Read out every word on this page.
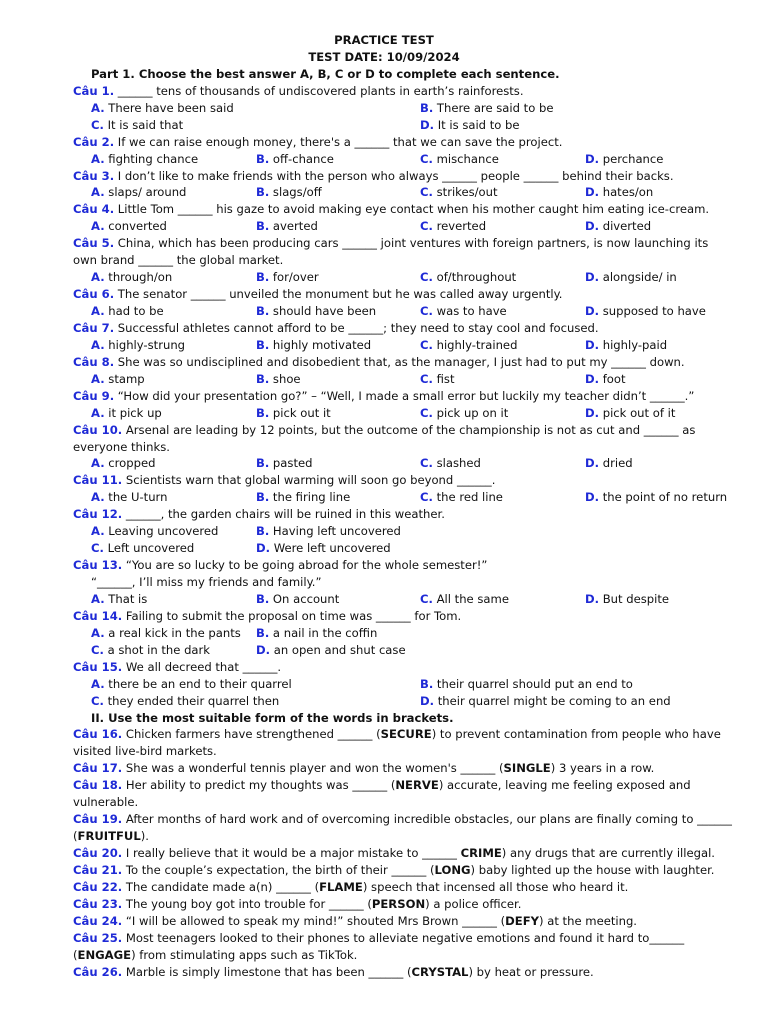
PRACTICE TEST
TEST DATE: 10/09/2024
Part 1. Choose the best answer A, B, C or D to complete each sentence.
Câu 1. ______ tens of thousands of undiscovered plants in earth’s rainforests.
A. There have been said	B. There are said to be
C. It is said that	D. It is said to be
Câu 2. If we can raise enough money, there's a ______ that we can save the project.
A. fighting chance	B. off-chance	C. mischance	D. perchance
Câu 3. I don’t like to make friends with the person who always ______ people ______ behind their backs.
A. slaps/ around	B. slags/off	C. strikes/out	D. hates/on
Câu 4. Little Tom ______ his gaze to avoid making eye contact when his mother caught him eating ice-cream.
A. converted	B. averted	C. reverted	D. diverted
Câu 5. China, which has been producing cars ______ joint ventures with foreign partners, is now launching its
own brand ______ the global market.
A. through/on	B. for/over	C. of/throughout	D. alongside/ in
Câu 6. The senator ______ unveiled the monument but he was called away urgently.
A. had to be	B. should have been	C. was to have	D. supposed to have
Câu 7. Successful athletes cannot afford to be ______; they need to stay cool and focused.
A. highly-strung	B. highly motivated	C. highly-trained	D. highly-paid
Câu 8. She was so undisciplined and disobedient that, as the manager, I just had to put my ______ down.
A. stamp	B. shoe	C. fist	D. foot
Câu 9. “How did your presentation go?” – “Well, I made a small error but luckily my teacher didn’t ______.”
A. it pick up	B. pick out it	C. pick up on it	D. pick out of it
Câu 10. Arsenal are leading by 12 points, but the outcome of the championship is not as cut and ______ as
everyone thinks.
A. cropped	B. pasted	C. slashed	D. dried
Câu 11. Scientists warn that global warming will soon go beyond ______.
A. the U-turn	B. the firing line	C. the red line	D. the point of no return
Câu 12. ______, the garden chairs will be ruined in this weather.
A. Leaving uncovered	B. Having left uncovered
C. Left uncovered	D. Were left uncovered
Câu 13. “You are so lucky to be going abroad for the whole semester!”
“______, I’ll miss my friends and family.”
A. That is	B. On account	C. All the same	D. But despite
Câu 14. Failing to submit the proposal on time was ______ for Tom.
A. a real kick in the pants B. a nail in the coffin
C. a shot in the dark	D. an open and shut case
Câu 15. We all decreed that ______.
A. there be an end to their quarrel	B. their quarrel should put an end to
C. they ended their quarrel then	D. their quarrel might be coming to an end
II. Use the most suitable form of the words in brackets.
Câu 16. Chicken farmers have strengthened ______ (SECURE) to prevent contamination from people who have
visited live-bird markets.
Câu 17. She was a wonderful tennis player and won the women's ______ (SINGLE) 3 years in a row.
Câu 18. Her ability to predict my thoughts was ______ (NERVE) accurate, leaving me feeling exposed and
vulnerable.
Câu 19. After months of hard work and of overcoming incredible obstacles, our plans are finally coming to ______
(FRUITFUL).
Câu 20. I really believe that it would be a major mistake to ______ CRIME) any drugs that are currently illegal.
Câu 21. To the couple’s expectation, the birth of their ______ (LONG) baby lighted up the house with laughter.
Câu 22. The candidate made a(n) ______ (FLAME) speech that incensed all those who heard it.
Câu 23. The young boy got into trouble for ______ (PERSON) a police officer.
Câu 24. “I will be allowed to speak my mind!” shouted Mrs Brown ______ (DEFY) at the meeting.
Câu 25. Most teenagers looked to their phones to alleviate negative emotions and found it hard to______
(ENGAGE) from stimulating apps such as TikTok.
Câu 26. Marble is simply limestone that has been ______ (CRYSTAL) by heat or pressure.
